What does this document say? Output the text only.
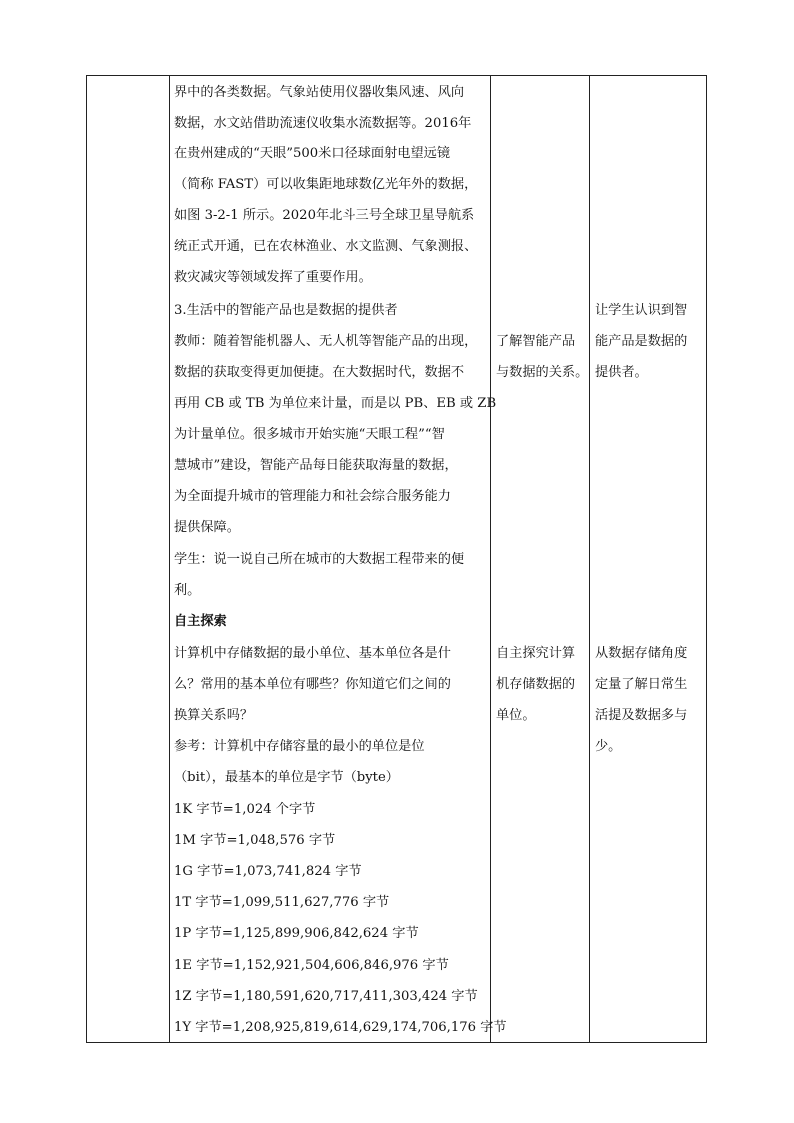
界中的各类数据。气象站使用仪器收集风速、风向
数据，水文站借助流速仪收集水流数据等。2016年
在贵州建成的“天眼”500米口径球面射电望远镜
（简称 FAST）可以收集距地球数亿光年外的数据，
如图 3-2-1 所示。2020年北斗三号全球卫星导航系
统正式开通，已在农林渔业、水文监测、气象测报、
救灾减灾等领域发挥了重要作用。
3.生活中的智能产品也是数据的提供者
教师：随着智能机器人、无人机等智能产品的出现，
数据的获取变得更加便捷。在大数据时代，数据不
再用 CB 或 TB 为单位来计量，而是以 PB、EB 或 ZB
为计量单位。很多城市开始实施“天眼工程”“智
慧城市”建设，智能产品每日能获取海量的数据，
为全面提升城市的管理能力和社会综合服务能力
提供保障。
学生：说一说自己所在城市的大数据工程带来的便
利。
自主探索
计算机中存储数据的最小单位、基本单位各是什
么？常用的基本单位有哪些？你知道它们之间的
换算关系吗？
参考：计算机中存储容量的最小的单位是位
（bit），最基本的单位是字节（byte）
1K 字节=1,024 个字节
1M 字节=1,048,576 字节
1G 字节=1,073,741,824 字节
1T 字节=1,099,511,627,776 字节
1P 字节=1,125,899,906,842,624 字节
1E 字节=1,152,921,504,606,846,976 字节
1Z 字节=1,180,591,620,717,411,303,424 字节
1Y 字节=1,208,925,819,614,629,174,706,176 字节
了解智能产品
与数据的关系。
自主探究计算
机存储数据的
单位。
让学生认识到智
能产品是数据的
提供者。
从数据存储角度
定量了解日常生
活提及数据多与
少。
